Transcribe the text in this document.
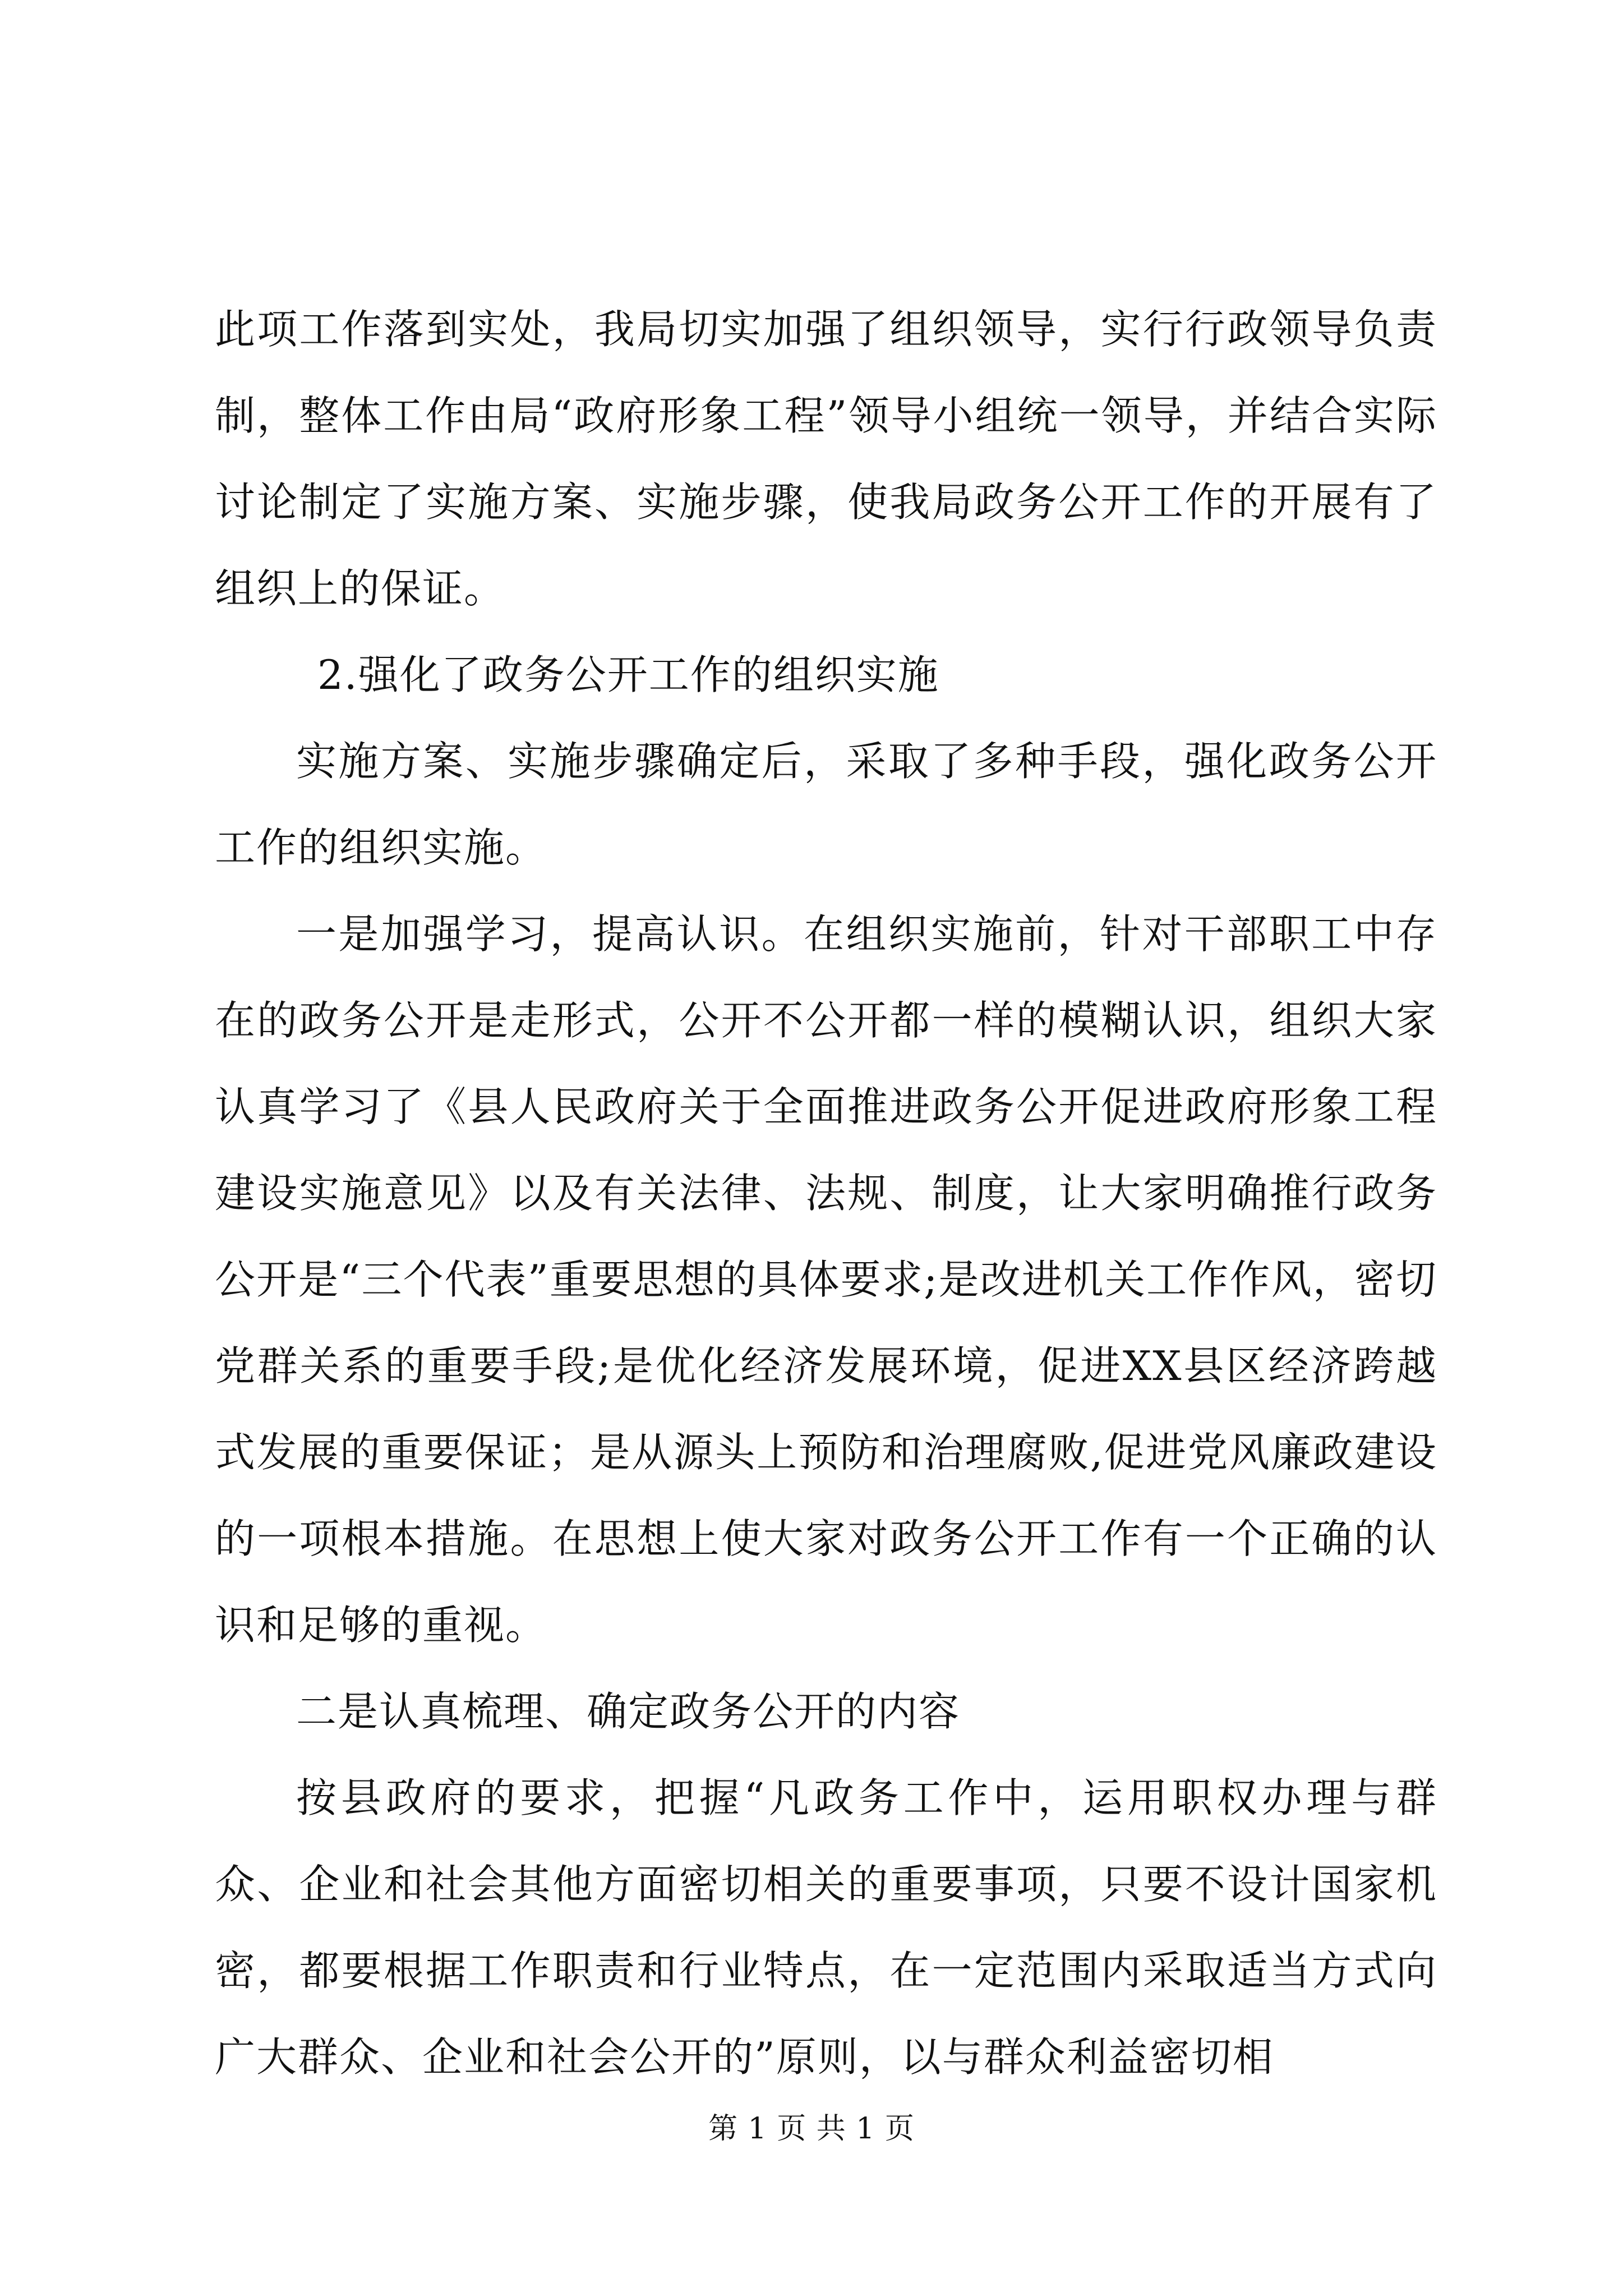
此项工作落到实处，我局切实加强了组织领导，实行行政领导负责制，整体工作由局“政府形象工程”领导小组统一领导，并结合实际讨论制定了实施方案、实施步骤，使我局政务公开工作的开展有了组织上的保证。

2.强化了政务公开工作的组织实施

实施方案、实施步骤确定后，采取了多种手段，强化政务公开工作的组织实施。

一是加强学习，提高认识。在组织实施前，针对干部职工中存在的政务公开是走形式，公开不公开都一样的模糊认识，组织大家认真学习了《县人民政府关于全面推进政务公开促进政府形象工程建设实施意见》以及有关法律、法规、制度，让大家明确推行政务公开是“三个代表”重要思想的具体要求;是改进机关工作作风，密切党群关系的重要手段;是优化经济发展环境，促进XX县区经济跨越式发展的重要保证；是从源头上预防和治理腐败,促进党风廉政建设的一项根本措施。在思想上使大家对政务公开工作有一个正确的认识和足够的重视。

二是认真梳理、确定政务公开的内容

按县政府的要求，把握“凡政务工作中，运用职权办理与群众、企业和社会其他方面密切相关的重要事项，只要不设计国家机密，都要根据工作职责和行业特点，在一定范围内采取适当方式向广大群众、企业和社会公开的”原则，以与群众利益密切相

第 1 页 共 1 页
